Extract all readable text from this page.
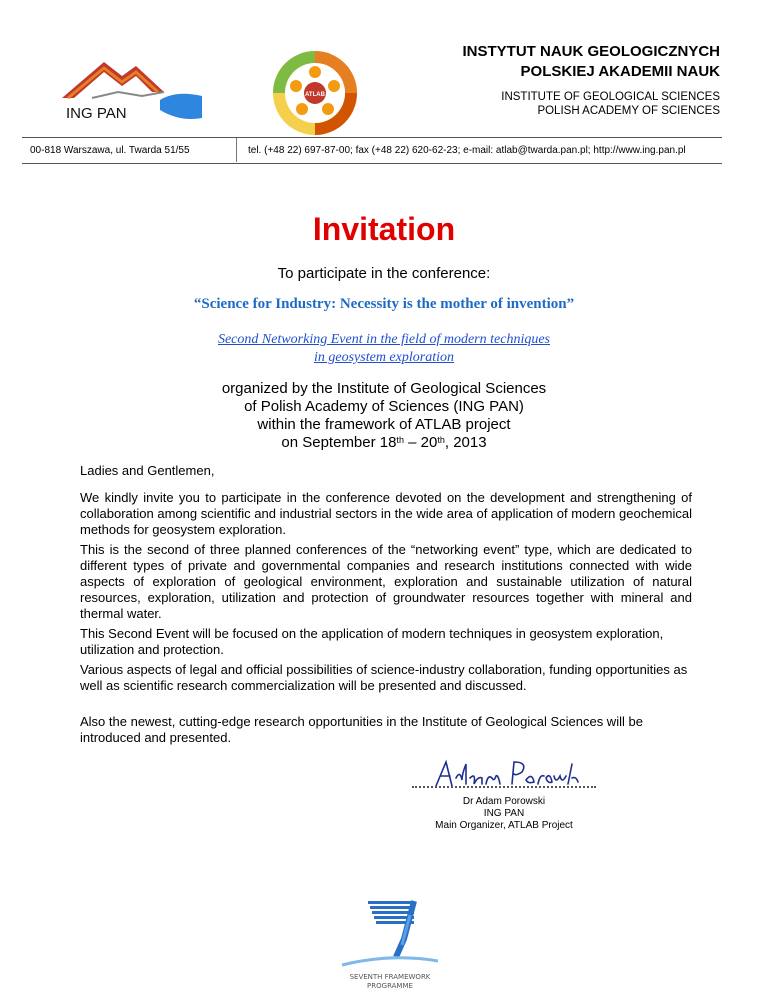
ING PAN
ATLAB
INSTYTUT NAUK GEOLOGICZNYCH
POLSKIEJ AKADEMII NAUK
INSTITUTE OF GEOLOGICAL SCIENCES
POLISH ACADEMY OF SCIENCES
00-818 Warszawa, ul. Twarda 51/55	tel. (+48 22) 697-87-00; fax (+48 22) 620-62-23; e-mail: atlab@twarda.pan.pl; http://www.ing.pan.pl
Invitation
To participate in the conference:
“Science for Industry: Necessity is the mother of invention”
Second Networking Event in the field of modern techniques
in geosystem exploration
organized by the Institute of Geological Sciences
of Polish Academy of Sciences (ING PAN)
within the framework of ATLAB project
on September 18th – 20th, 2013
Ladies and Gentlemen,
We kindly invite you to participate in the conference devoted on the development and strengthening of collaboration among scientific and industrial sectors in the wide area of application of modern geochemical methods for geosystem exploration.
This is the second of three planned conferences of the “networking event” type, which are dedicated to different types of private and governmental companies and research institutions connected with wide aspects of exploration of geological environment, exploration and sustainable utilization of natural resources, exploration, utilization and protection of groundwater resources together with mineral and thermal water.
This Second Event will be focused on the application of modern techniques in geosystem exploration, utilization and protection.
Various aspects of legal and official possibilities of science-industry collaboration, funding opportunities as well as scientific research commercialization will be presented and discussed.
Also the newest, cutting-edge research opportunities in the Institute of Geological Sciences will be introduced and presented.
Dr Adam Porowski
ING PAN
Main Organizer, ATLAB Project
SEVENTH FRAMEWORK
PROGRAMME
